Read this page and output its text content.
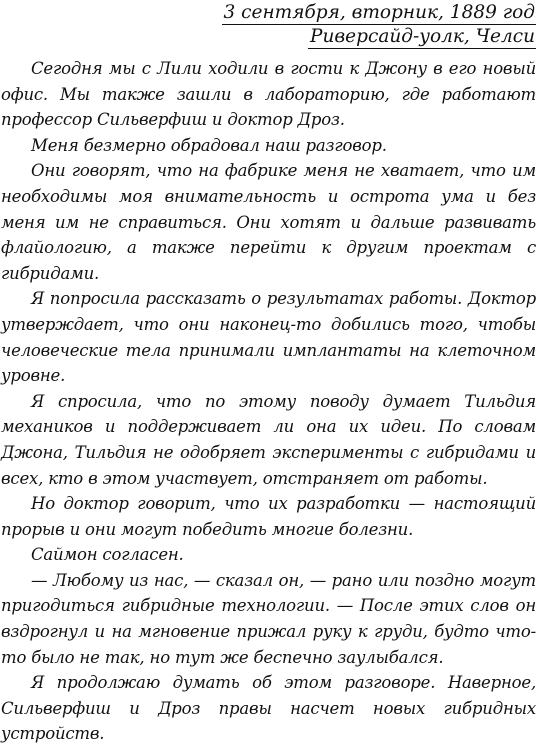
3 сентября, вторник, 1889 год
Риверсайд-уолк, Челси

Сегодня мы с Лили ходили в гости к Джону в его новый офис. Мы также зашли в лабораторию, где работают профессор Сильверфиш и доктор Дроз.

Меня безмерно обрадовал наш разговор.

Они говорят, что на фабрике меня не хватает, что им необходимы моя внимательность и острота ума и без меня им не справиться. Они хотят и дальше развивать флайологию, а также перейти к другим проектам с гибридами.

Я попросила рассказать о результатах работы. Доктор утверждает, что они наконец-то добились того, чтобы человеческие тела принимали имплантаты на клеточном уровне.

Я спросила, что по этому поводу думает Тильдия механиков и поддерживает ли она их идеи. По словам Джона, Тильдия не одобряет эксперименты с гибридами и всех, кто в этом участвует, отстраняет от работы.

Но доктор говорит, что их разработки — настоящий прорыв и они могут победить многие болезни.

Саймон согласен.

— Любому из нас, — сказал он, — рано или поздно могут пригодиться гибридные технологии. — После этих слов он вздрогнул и на мгновение прижал руку к груди, будто что-то было не так, но тут же беспечно заулыбался.

Я продолжаю думать об этом разговоре. Наверное, Сильверфиш и Дроз правы насчет новых гибридных устройств.
